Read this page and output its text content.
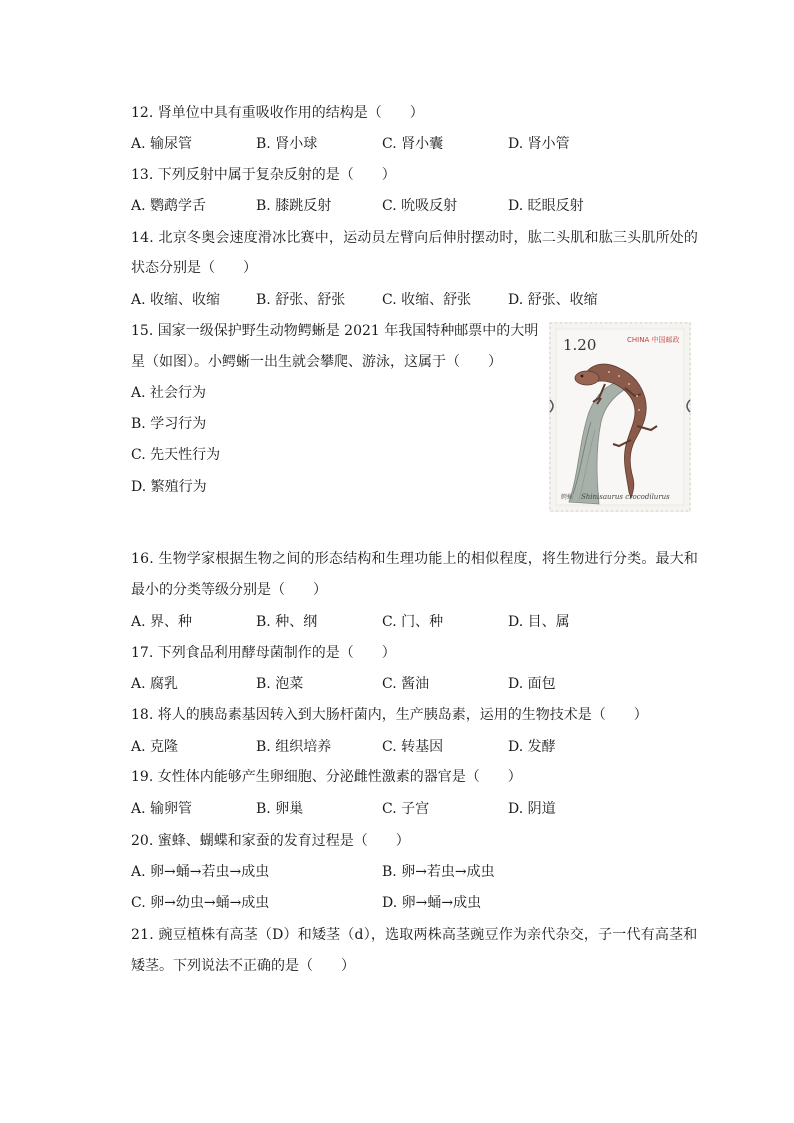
12. 肾单位中具有重吸收作用的结构是（　　）
A. 输尿管	B. 肾小球	C. 肾小囊	D. 肾小管
13. 下列反射中属于复杂反射的是（　　）
A. 鹦鹉学舌	B. 膝跳反射	C. 吮吸反射	D. 眨眼反射
14. 北京冬奥会速度滑冰比赛中，运动员左臂向后伸肘摆动时，肱二头肌和肱三头肌所处的
状态分别是（　　）
A. 收缩、收缩	B. 舒张、舒张	C. 收缩、舒张	D. 舒张、收缩
15. 国家一级保护野生动物鳄蜥是 2021 年我国特种邮票中的大明
星（如图）。小鳄蜥一出生就会攀爬、游泳，这属于（　　）
A. 社会行为
B. 学习行为
C. 先天性行为
D. 繁殖行为
1.20	CHINA 中国邮政
鳄蜥 Shinisaurus crocodilurus
16. 生物学家根据生物之间的形态结构和生理功能上的相似程度，将生物进行分类。最大和
最小的分类等级分别是（　　）
A. 界、种	B. 种、纲	C. 门、种	D. 目、属
17. 下列食品利用酵母菌制作的是（　　）
A. 腐乳	B. 泡菜	C. 酱油	D. 面包
18. 将人的胰岛素基因转入到大肠杆菌内，生产胰岛素，运用的生物技术是（　　）
A. 克隆	B. 组织培养	C. 转基因	D. 发酵
19. 女性体内能够产生卵细胞、分泌雌性激素的器官是（　　）
A. 输卵管	B. 卵巢	C. 子宫	D. 阴道
20. 蜜蜂、蝴蝶和家蚕的发育过程是（　　）
A. 卵→蛹→若虫→成虫	B. 卵→若虫→成虫
C. 卵→幼虫→蛹→成虫	D. 卵→蛹→成虫
21. 豌豆植株有高茎（D）和矮茎（d），选取两株高茎豌豆作为亲代杂交，子一代有高茎和
矮茎。下列说法不正确的是（　　）
